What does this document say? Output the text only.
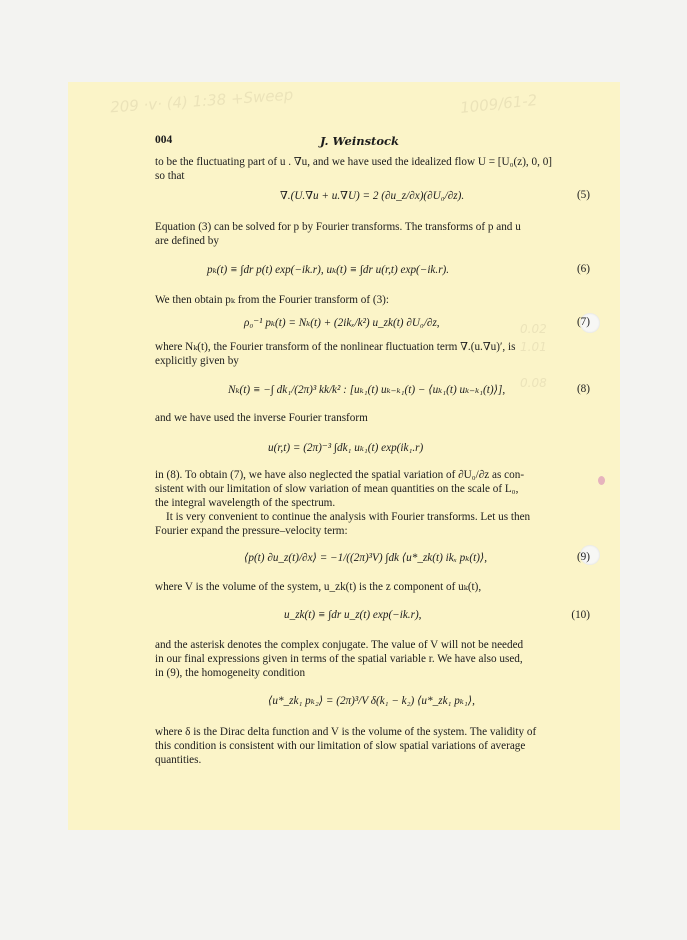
209 ·v· (4) 1:38 +Sweep	1009/61-2
0.02
1.01

0.08
004	J. Weinstock
to be the fluctuating part of u . ∇u, and we have used the idealized flow U = [U₀(z), 0, 0]
so that
∇.(U.∇u + u.∇U) = 2 (∂u_z/∂x)(∂U₀/∂z).	(5)
Equation (3) can be solved for p by Fourier transforms. The transforms of p and u
are defined by
pₖ(t) ≡ ∫dr p(t) exp(−ik.r), uₖ(t) ≡ ∫dr u(r,t) exp(−ik.r).	(6)
We then obtain pₖ from the Fourier transform of (3):
ρ₀⁻¹ pₖ(t) = Nₖ(t) + (2ikₓ/k²) u_zk(t) ∂U₀/∂z,	(7)
where Nₖ(t), the Fourier transform of the nonlinear fluctuation term ∇.(u.∇u)′, is
explicitly given by
Nₖ(t) ≡ −∫ dk₁/(2π)³ kk/k² : [uₖ₁(t) uₖ₋ₖ₁(t) − ⟨uₖ₁(t) uₖ₋ₖ₁(t)⟩],	(8)
and we have used the inverse Fourier transform
u(r,t) = (2π)⁻³ ∫dk₁ uₖ₁(t) exp(ik₁.r)
in (8). To obtain (7), we have also neglected the spatial variation of ∂U₀/∂z as con-
sistent with our limitation of slow variation of mean quantities on the scale of L₀,
the integral wavelength of the spectrum.
It is very convenient to continue the analysis with Fourier transforms. Let us then
Fourier expand the pressure–velocity term:
⟨p(t) ∂u_z(t)/∂x⟩ = −1/((2π)³V) ∫dk ⟨u*_zk(t) ikₓ pₖ(t)⟩,	(9)
where V is the volume of the system, u_zk(t) is the z component of uₖ(t),
u_zk(t) ≡ ∫dr u_z(t) exp(−ik.r),	(10)
and the asterisk denotes the complex conjugate. The value of V will not be needed
in our final expressions given in terms of the spatial variable r. We have also used,
in (9), the homogeneity condition
⟨u*_zk₁ pₖ₂⟩ = (2π)³/V δ(k₁ − k₂) ⟨u*_zk₁ pₖ₁⟩,
where δ is the Dirac delta function and V is the volume of the system. The validity of
this condition is consistent with our limitation of slow spatial variations of average
quantities.
